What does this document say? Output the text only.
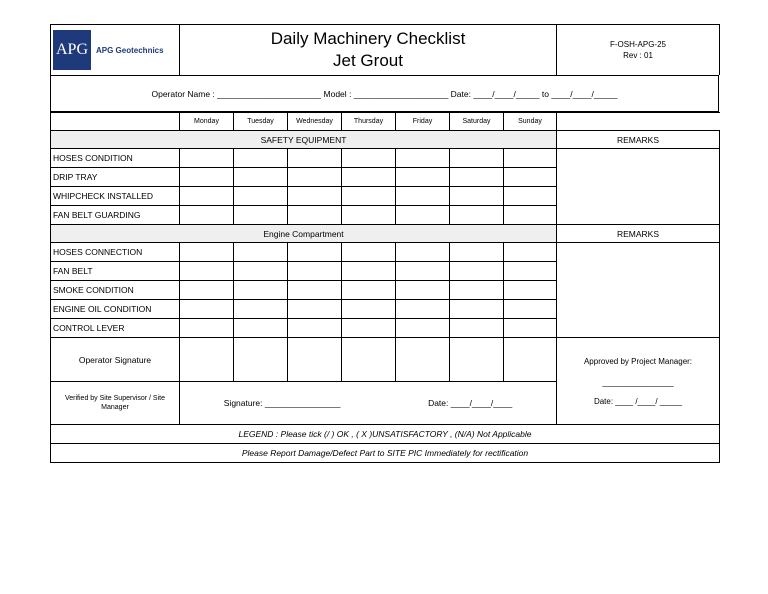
APG	APG Geotechnics

Daily Machinery Checklist
Jet Grout

F-OSH-APG-25
Rev : 01
Operator Name : ______________________ Model : ____________________ Date: ____/____/_____ to ____/____/_____
	Monday	Tuesday	Wednesday	Thursday	Friday	Saturday	Sunday	
SAFETY EQUIPMENT								REMARKS
HOSES CONDITION								
DRIP TRAY								
WHIPCHECK INSTALLED								
FAN BELT GUARDING								
Engine Compartment								REMARKS
HOSES CONNECTION								
FAN BELT								
SMOKE CONDITION								
ENGINE OIL CONDITION								
CONTROL LEVER								
Operator Signature								Approved by Project Manager:
________________
Date: ____ /____/ _____

Verified by Site Supervisor / Site Manager	Signature: ________________ Date: ____/____/____							

LEGEND : Please tick (/ ) OK , ( X )UNSATISFACTORY , (N/A) Not Applicable								
Please Report Damage/Defect Part to SITE PIC Immediately for rectification								
